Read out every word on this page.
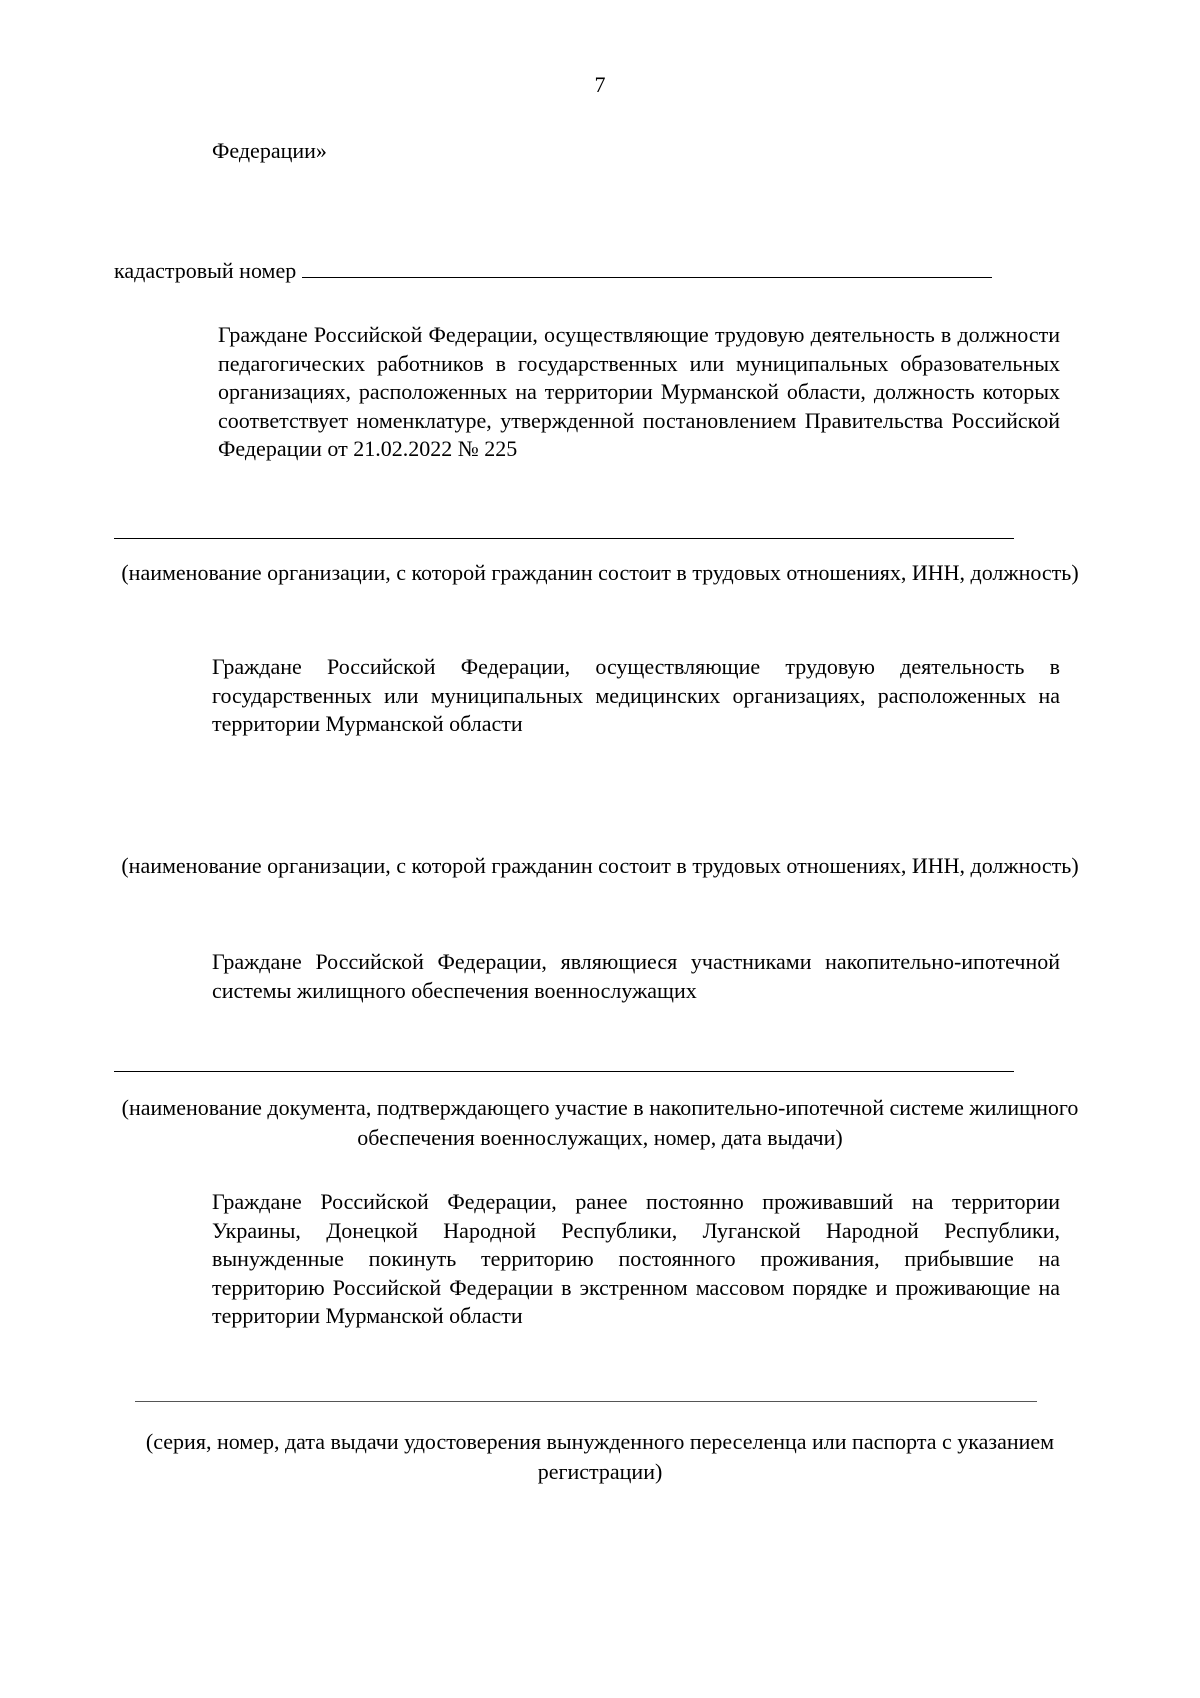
7
Федерации»
кадастровый номер
Граждане Российской Федерации, осуществляющие трудовую деятельность в должности педагогических работников в государственных или муниципальных образовательных организациях, расположенных на территории Мурманской области, должность которых соответствует номенклатуре, утвержденной постановлением Правительства Российской Федерации от 21.02.2022 № 225
(наименование организации, с которой гражданин состоит в трудовых отношениях, ИНН, должность)
Граждане Российской Федерации, осуществляющие трудовую деятельность в государственных или муниципальных медицинских организациях, расположенных на территории Мурманской области
(наименование организации, с которой гражданин состоит в трудовых отношениях, ИНН, должность)
Граждане Российской Федерации, являющиеся участниками накопительно-ипотечной системы жилищного обеспечения военнослужащих
(наименование документа, подтверждающего участие в накопительно-ипотечной системе жилищного обеспечения военнослужащих, номер, дата выдачи)
Граждане Российской Федерации, ранее постоянно проживавший на территории Украины, Донецкой Народной Республики, Луганской Народной Республики, вынужденные покинуть территорию постоянного проживания, прибывшие на территорию Российской Федерации в экстренном массовом порядке и проживающие на территории Мурманской области
(серия, номер, дата выдачи удостоверения вынужденного переселенца или паспорта с указанием регистрации)
